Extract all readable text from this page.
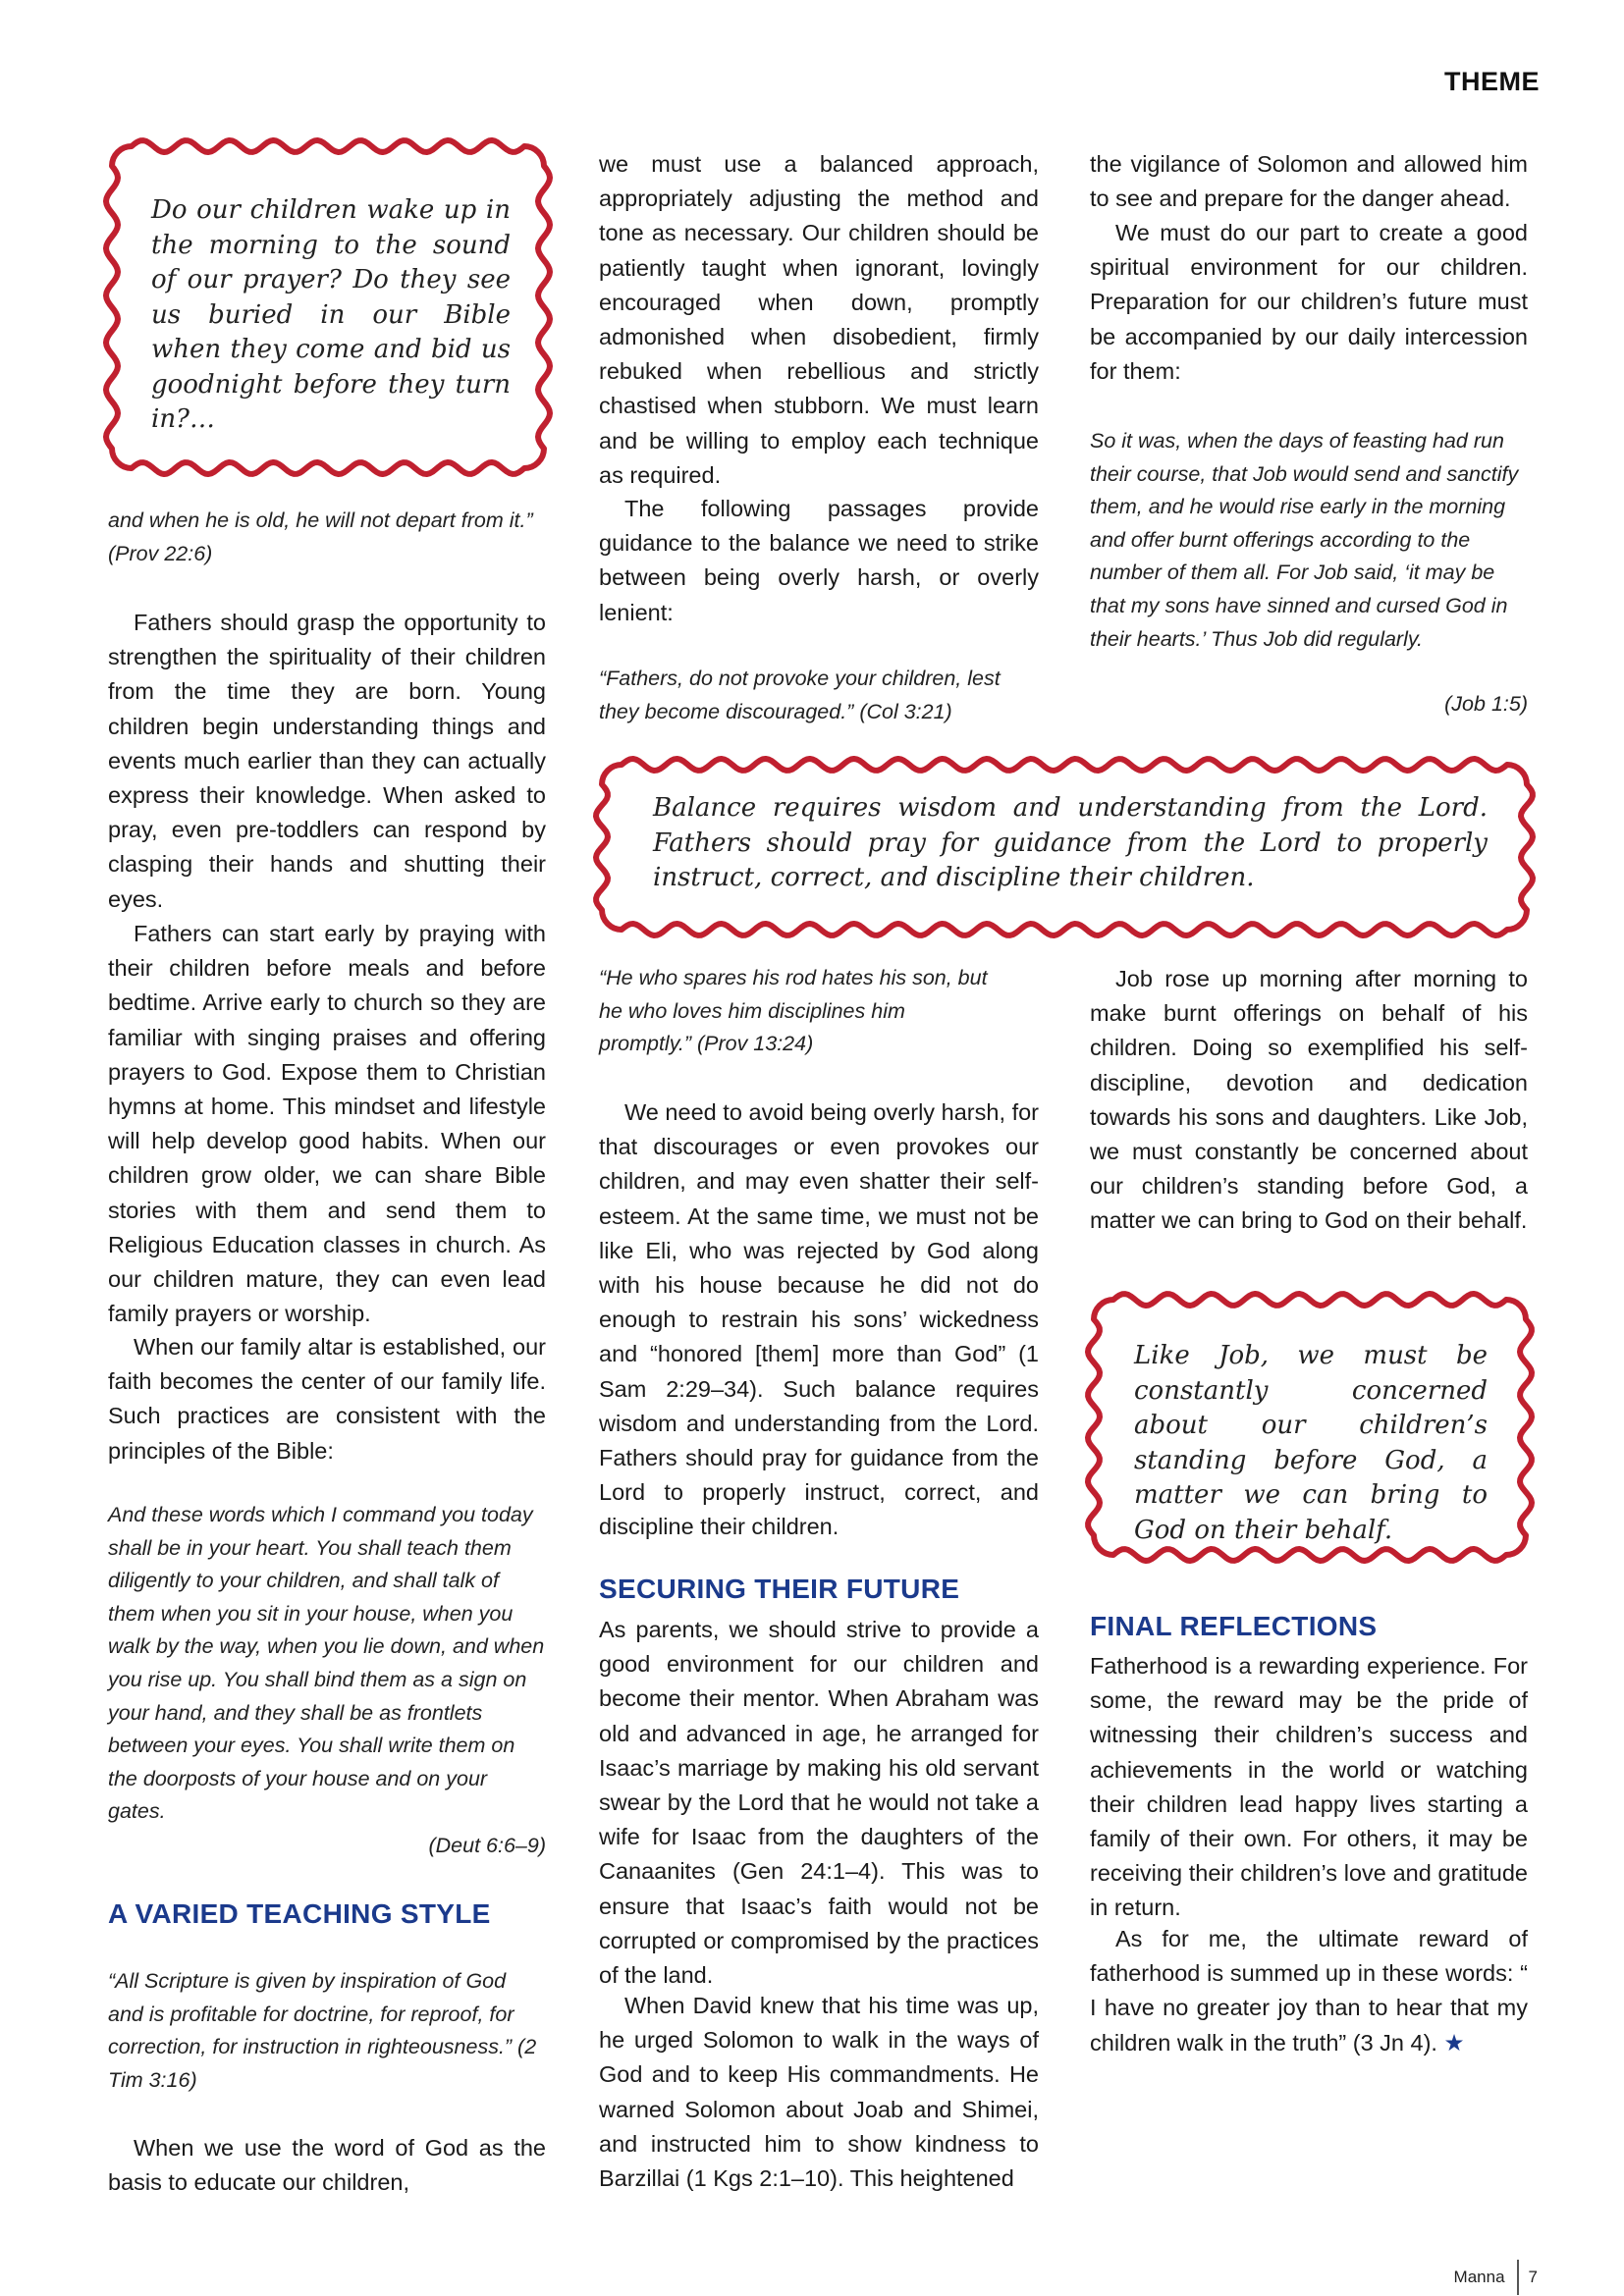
THEME
Do our children wake up in the morning to the sound of our prayer? Do they see us buried in our Bible when they come and bid us goodnight before they turn in?…

and when he is old, he will not depart from it.” (Prov 22:6)

Fathers should grasp the opportunity to strengthen the spirituality of their children from the time they are born. Young children begin understanding things and events much earlier than they can actually express their knowledge. When asked to pray, even pre-toddlers can respond by clasping their hands and shutting their eyes.

Fathers can start early by praying with their children before meals and before bedtime. Arrive early to church so they are familiar with singing praises and offering prayers to God. Expose them to Christian hymns at home. This mindset and lifestyle will help develop good habits. When our children grow older, we can share Bible stories with them and send them to Religious Education classes in church. As our children mature, they can even lead family prayers or worship.

When our family altar is established, our faith becomes the center of our family life. Such practices are consistent with the principles of the Bible:

And these words which I command you today shall be in your heart. You shall teach them diligently to your children, and shall talk of them when you sit in your house, when you walk by the way, when you lie down, and when you rise up. You shall bind them as a sign on your hand, and they shall be as frontlets between your eyes. You shall write them on the doorposts of your house and on your gates.

(Deut 6:6–9)

A VARIED TEACHING STYLE

“All Scripture is given by inspiration of God and is profitable for doctrine, for reproof, for correction, for instruction in righteousness.” (2 Tim 3:16)

When we use the word of God as the basis to educate our children,

we must use a balanced approach, appropriately adjusting the method and tone as necessary. Our children should be patiently taught when ignorant, lovingly encouraged when down, promptly admonished when disobedient, firmly rebuked when rebellious and strictly chastised when stubborn. We must learn and be willing to employ each technique as required.

The following passages provide guidance to the balance we need to strike between being overly harsh, or overly lenient:

“Fathers, do not provoke your children, lest they become discouraged.” (Col 3:21)

Balance requires wisdom and understanding from the Lord. Fathers should pray for guidance from the Lord to properly instruct, correct, and discipline their children.

“He who spares his rod hates his son, but he who loves him disciplines him promptly.” (Prov 13:24)

We need to avoid being overly harsh, for that discourages or even provokes our children, and may even shatter their self-esteem. At the same time, we must not be like Eli, who was rejected by God along with his house because he did not do enough to restrain his sons’ wickedness and “honored [them] more than God” (1 Sam 2:29–34). Such balance requires wisdom and understanding from the Lord. Fathers should pray for guidance from the Lord to properly instruct, correct, and discipline their children.

SECURING THEIR FUTURE

As parents, we should strive to provide a good environment for our children and become their mentor. When Abraham was old and advanced in age, he arranged for Isaac’s marriage by making his old servant swear by the Lord that he would not take a wife for Isaac from the daughters of the Canaanites (Gen 24:1–4). This was to ensure that Isaac’s faith would not be corrupted or compromised by the practices of the land.

When David knew that his time was up, he urged Solomon to walk in the ways of God and to keep His commandments. He warned Solomon about Joab and Shimei, and instructed him to show kindness to Barzillai (1 Kgs 2:1–10). This heightened

the vigilance of Solomon and allowed him to see and prepare for the danger ahead.

We must do our part to create a good spiritual environment for our children. Preparation for our children’s future must be accompanied by our daily intercession for them:

So it was, when the days of feasting had run their course, that Job would send and sanctify them, and he would rise early in the morning and offer burnt offerings according to the number of them all. For Job said, ‘it may be that my sons have sinned and cursed God in their hearts.’ Thus Job did regularly.

(Job 1:5)

Job rose up morning after morning to make burnt offerings on behalf of his children. Doing so exemplified his self-discipline, devotion and dedication towards his sons and daughters. Like Job, we must constantly be concerned about our children’s standing before God, a matter we can bring to God on their behalf.

Like Job, we must be constantly concerned about our children’s standing before God, a matter we can bring to God on their behalf.
FINAL REFLECTIONS

Fatherhood is a rewarding experience. For some, the reward may be the pride of witnessing their children’s success and achievements in the world or watching their children lead happy lives starting a family of their own. For others, it may be receiving their children’s love and gratitude in return.

As for me, the ultimate reward of fatherhood is summed up in these words: “ I have no greater joy than to hear that my children walk in the truth” (3 Jn 4). ★

Manna 7
